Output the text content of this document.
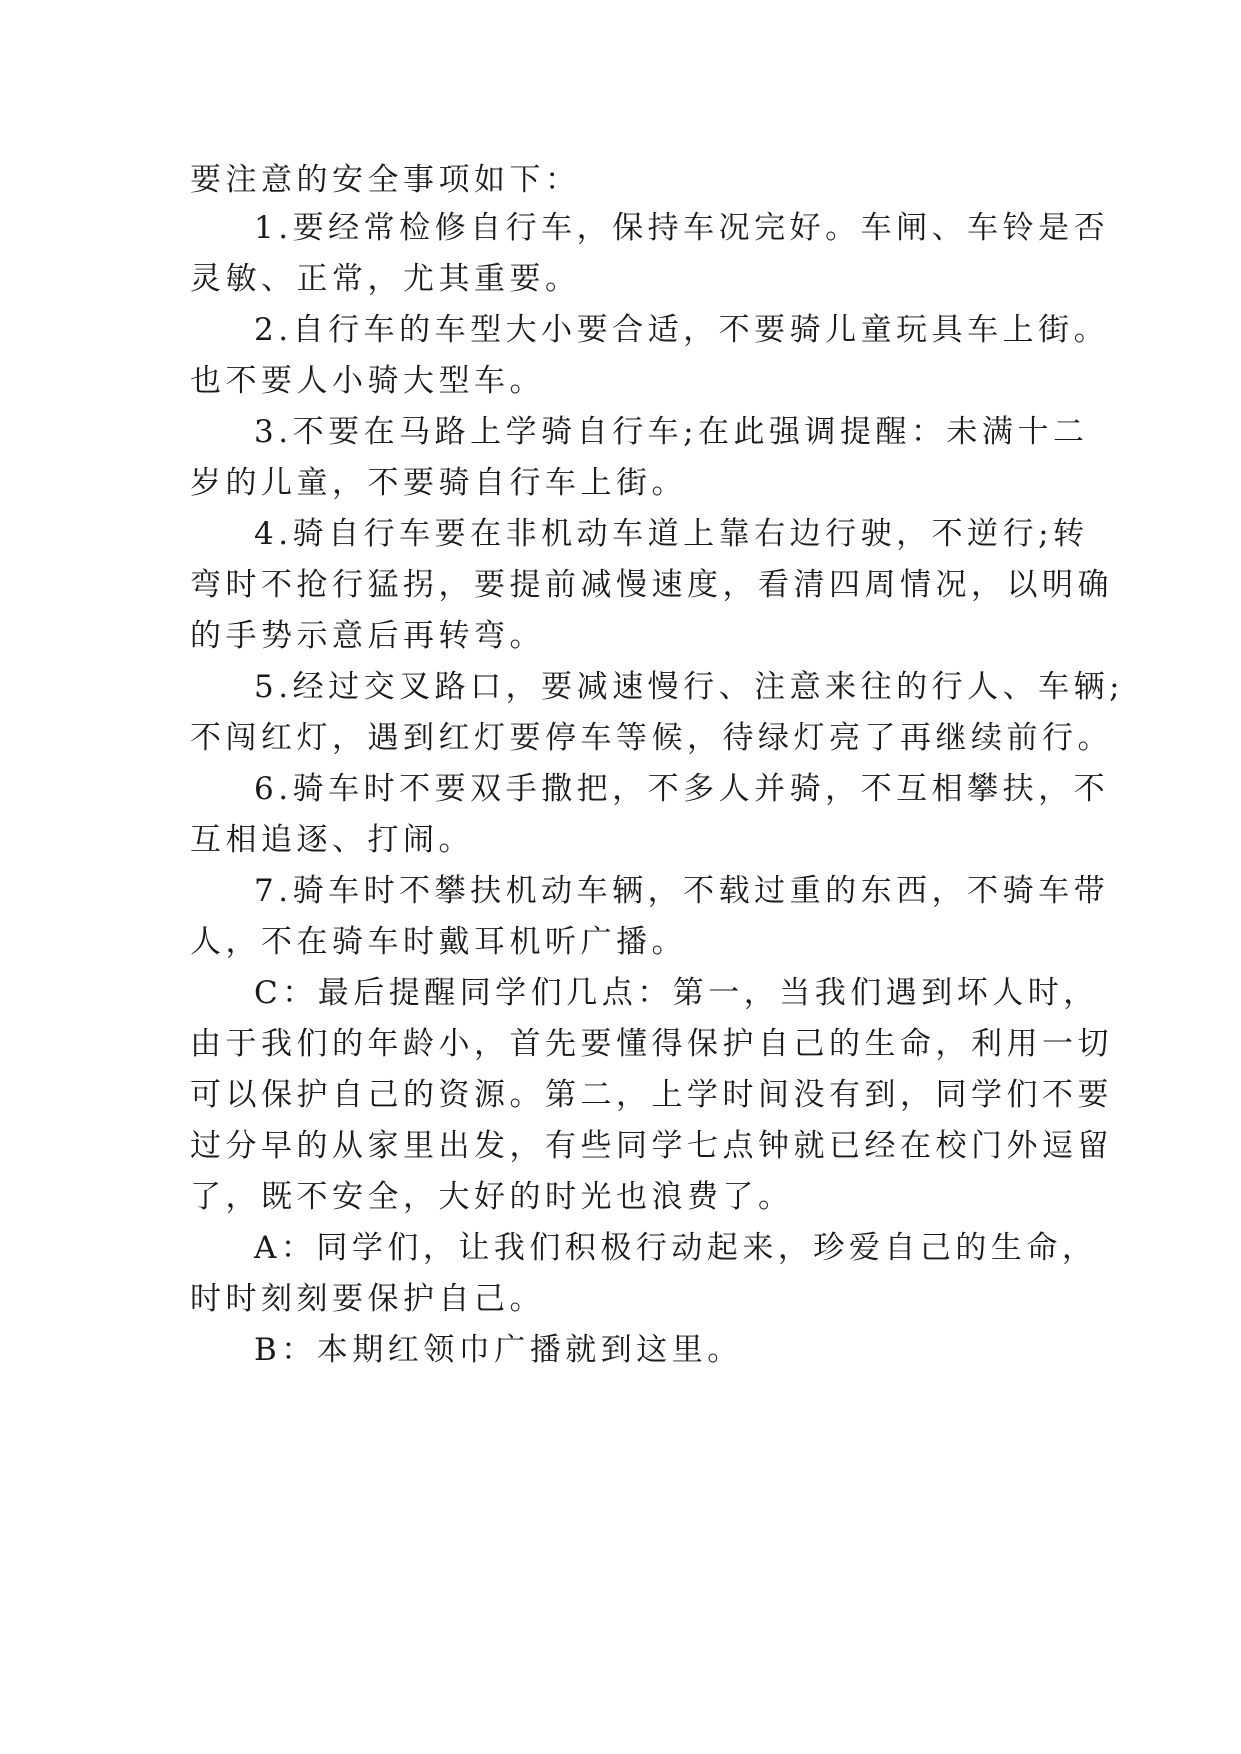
要注意的安全事项如下：
1.要经常检修自行车，保持车况完好。车闸、车铃是否
灵敏、正常，尤其重要。
2.自行车的车型大小要合适，不要骑儿童玩具车上街。
也不要人小骑大型车。
3.不要在马路上学骑自行车;在此强调提醒：未满十二
岁的儿童，不要骑自行车上街。
4.骑自行车要在非机动车道上靠右边行驶，不逆行;转
弯时不抢行猛拐，要提前减慢速度，看清四周情况，以明确
的手势示意后再转弯。
5.经过交叉路口，要减速慢行、注意来往的行人、车辆;
不闯红灯，遇到红灯要停车等候，待绿灯亮了再继续前行。
6.骑车时不要双手撒把，不多人并骑，不互相攀扶，不
互相追逐、打闹。
7.骑车时不攀扶机动车辆，不载过重的东西，不骑车带
人，不在骑车时戴耳机听广播。
C：最后提醒同学们几点：第一，当我们遇到坏人时，
由于我们的年龄小，首先要懂得保护自己的生命，利用一切
可以保护自己的资源。第二，上学时间没有到，同学们不要
过分早的从家里出发，有些同学七点钟就已经在校门外逗留
了，既不安全，大好的时光也浪费了。
A：同学们，让我们积极行动起来，珍爱自己的生命，
时时刻刻要保护自己。
B：本期红领巾广播就到这里。
